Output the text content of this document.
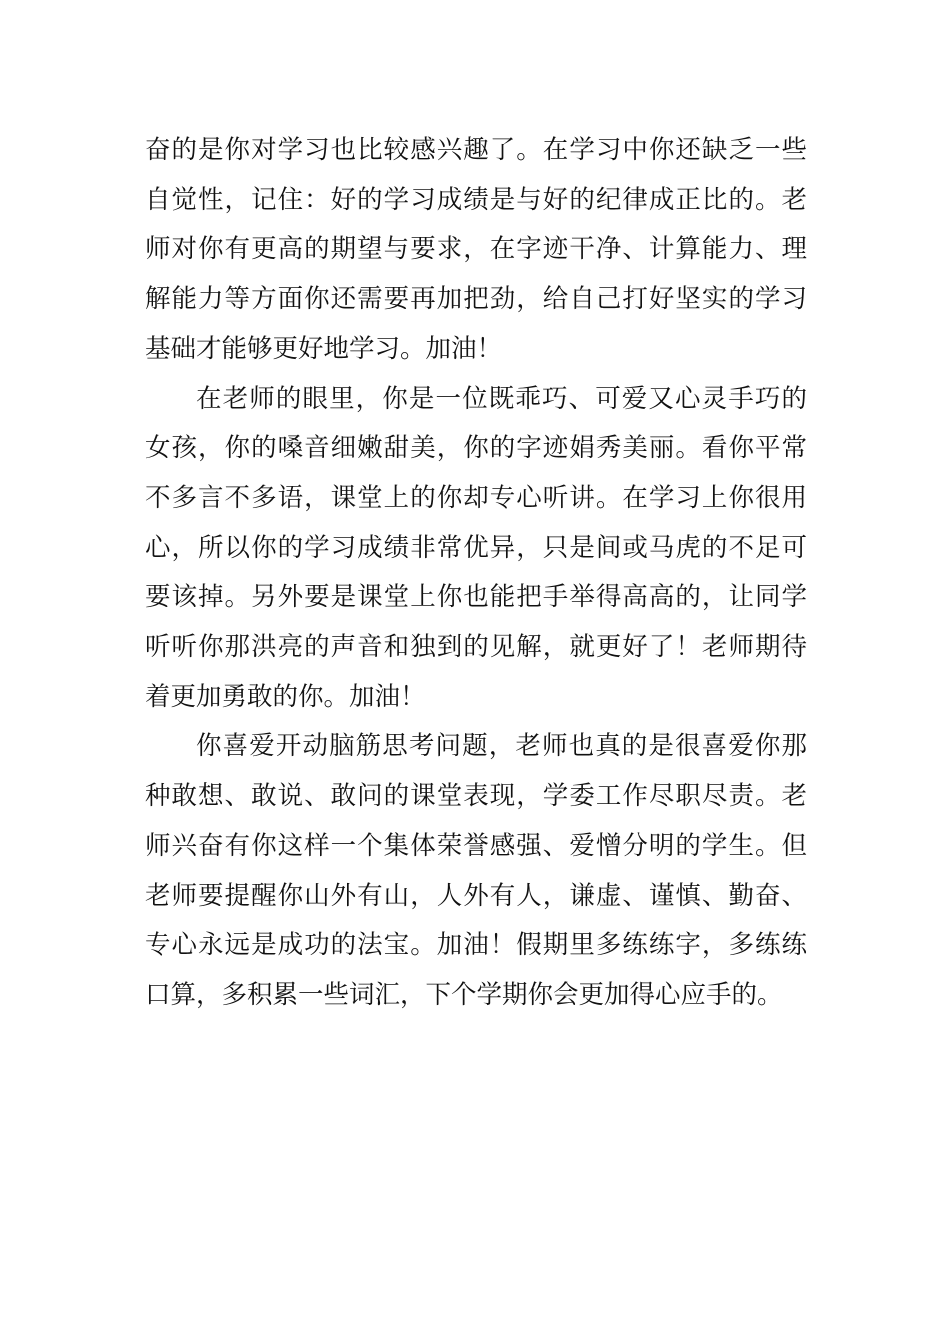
奋的是你对学习也比较感兴趣了。在学习中你还缺乏一些自觉性，记住：好的学习成绩是与好的纪律成正比的。老师对你有更高的期望与要求，在字迹干净、计算能力、理解能力等方面你还需要再加把劲，给自己打好坚实的学习基础才能够更好地学习。加油！

在老师的眼里，你是一位既乖巧、可爱又心灵手巧的女孩，你的嗓音细嫩甜美，你的字迹娟秀美丽。看你平常不多言不多语，课堂上的你却专心听讲。在学习上你很用心，所以你的学习成绩非常优异，只是间或马虎的不足可要该掉。另外要是课堂上你也能把手举得高高的，让同学听听你那洪亮的声音和独到的见解，就更好了！老师期待着更加勇敢的你。加油！

你喜爱开动脑筋思考问题，老师也真的是很喜爱你那种敢想、敢说、敢问的课堂表现，学委工作尽职尽责。老师兴奋有你这样一个集体荣誉感强、爱憎分明的学生。但老师要提醒你山外有山，人外有人，谦虚、谨慎、勤奋、专心永远是成功的法宝。加油！假期里多练练字，多练练口算，多积累一些词汇，下个学期你会更加得心应手的。
